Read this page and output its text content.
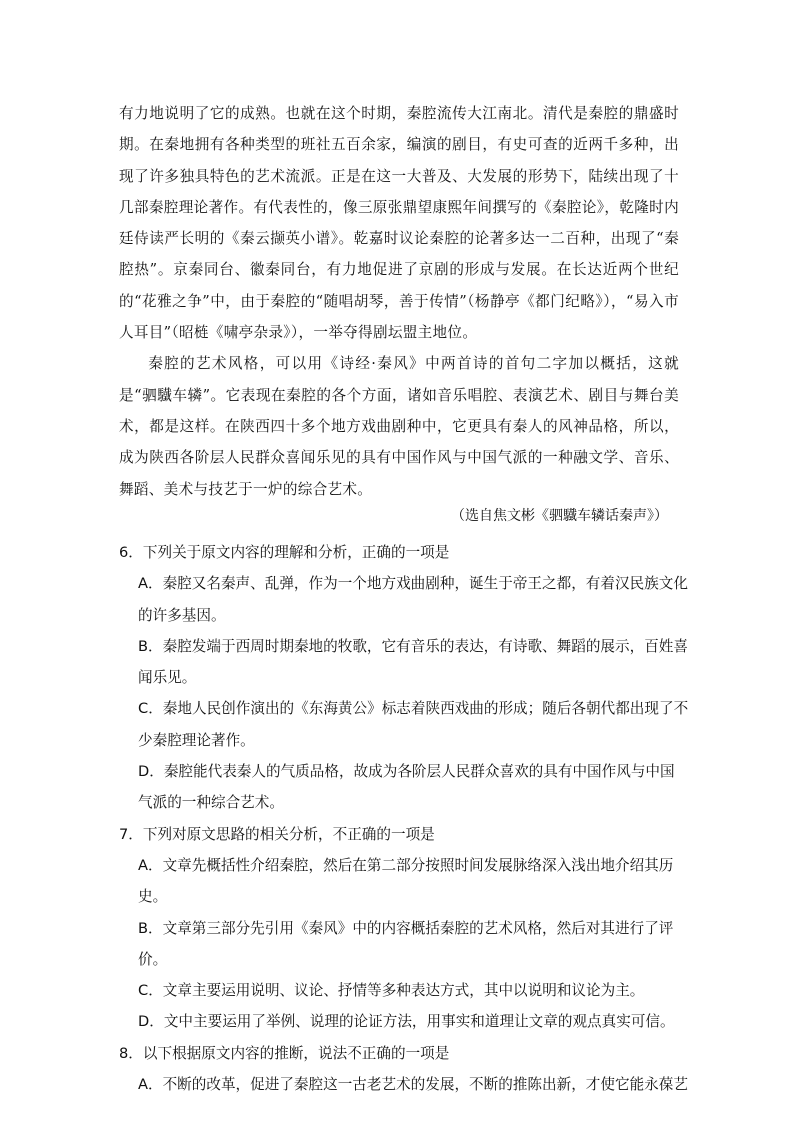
有力地说明了它的成熟。也就在这个时期，秦腔流传大江南北。清代是秦腔的鼎盛时期。在秦地拥有各种类型的班社五百余家，编演的剧目，有史可查的近两千多种，出现了许多独具特色的艺术流派。正是在这一大普及、大发展的形势下，陆续出现了十几部秦腔理论著作。有代表性的，像三原张鼎望康熙年间撰写的《秦腔论》，乾隆时内廷侍读严长明的《秦云撷英小谱》。乾嘉时议论秦腔的论著多达一二百种，出现了“秦腔热”。京秦同台、徽秦同台，有力地促进了京剧的形成与发展。在长达近两个世纪的“花雅之争”中，由于秦腔的“随唱胡琴，善于传情”（杨静亭《都门纪略》），“易入市人耳目”（昭梿《啸亭杂录》），一举夺得剧坛盟主地位。

秦腔的艺术风格，可以用《诗经·秦风》中两首诗的首句二字加以概括，这就是“驷驖车辚”。它表现在秦腔的各个方面，诸如音乐唱腔、表演艺术、剧目与舞台美术，都是这样。在陕西四十多个地方戏曲剧种中，它更具有秦人的风神品格，所以，成为陕西各阶层人民群众喜闻乐见的具有中国作风与中国气派的一种融文学、音乐、舞蹈、美术与技艺于一炉的综合艺术。

（选自焦文彬《驷驖车辚话秦声》）
6．下列关于原文内容的理解和分析，正确的一项是
A．秦腔又名秦声、乱弹，作为一个地方戏曲剧种，诞生于帝王之都，有着汉民族文化的许多基因。
B．秦腔发端于西周时期秦地的牧歌，它有音乐的表达，有诗歌、舞蹈的展示，百姓喜闻乐见。
C．秦地人民创作演出的《东海黄公》标志着陕西戏曲的形成；随后各朝代都出现了不少秦腔理论著作。
D．秦腔能代表秦人的气质品格，故成为各阶层人民群众喜欢的具有中国作风与中国气派的一种综合艺术。
7．下列对原文思路的相关分析，不正确的一项是
A．文章先概括性介绍秦腔，然后在第二部分按照时间发展脉络深入浅出地介绍其历史。
B．文章第三部分先引用《秦风》中的内容概括秦腔的艺术风格，然后对其进行了评价。
C．文章主要运用说明、议论、抒情等多种表达方式，其中以说明和议论为主。
D．文中主要运用了举例、说理的论证方法，用事实和道理让文章的观点真实可信。
8．以下根据原文内容的推断，说法不正确的一项是
A．不断的改革，促进了秦腔这一古老艺术的发展，不断的推陈出新，才使它能永葆艺
